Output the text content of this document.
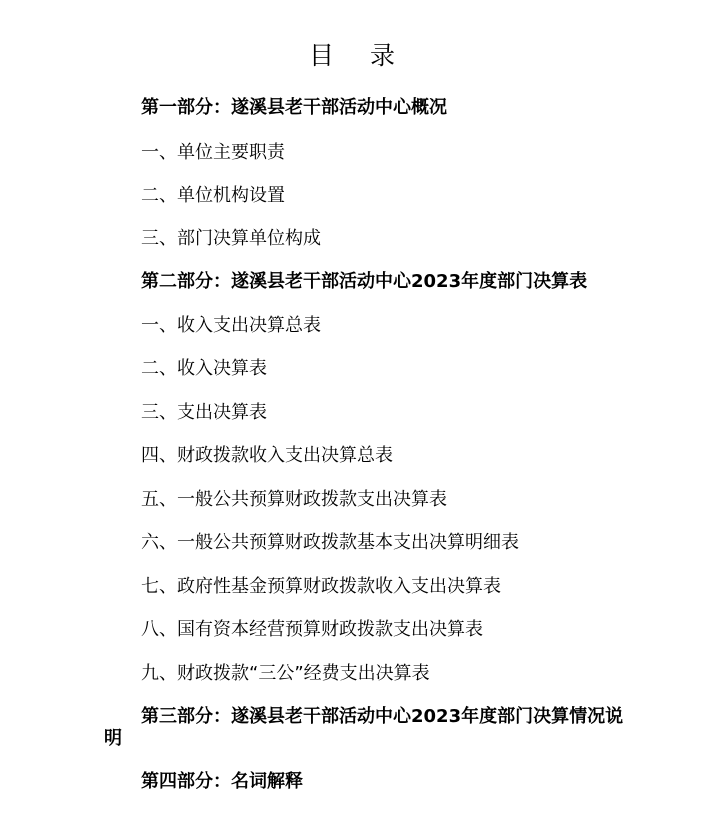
目 录
第一部分：遂溪县老干部活动中心概况
一、单位主要职责
二、单位机构设置
三、部门决算单位构成
第二部分：遂溪县老干部活动中心2023年度部门决算表
一、收入支出决算总表
二、收入决算表
三、支出决算表
四、财政拨款收入支出决算总表
五、一般公共预算财政拨款支出决算表
六、一般公共预算财政拨款基本支出决算明细表
七、政府性基金预算财政拨款收入支出决算表
八、国有资本经营预算财政拨款支出决算表
九、财政拨款“三公”经费支出决算表
第三部分：遂溪县老干部活动中心2023年度部门决算情况说明
第四部分：名词解释
